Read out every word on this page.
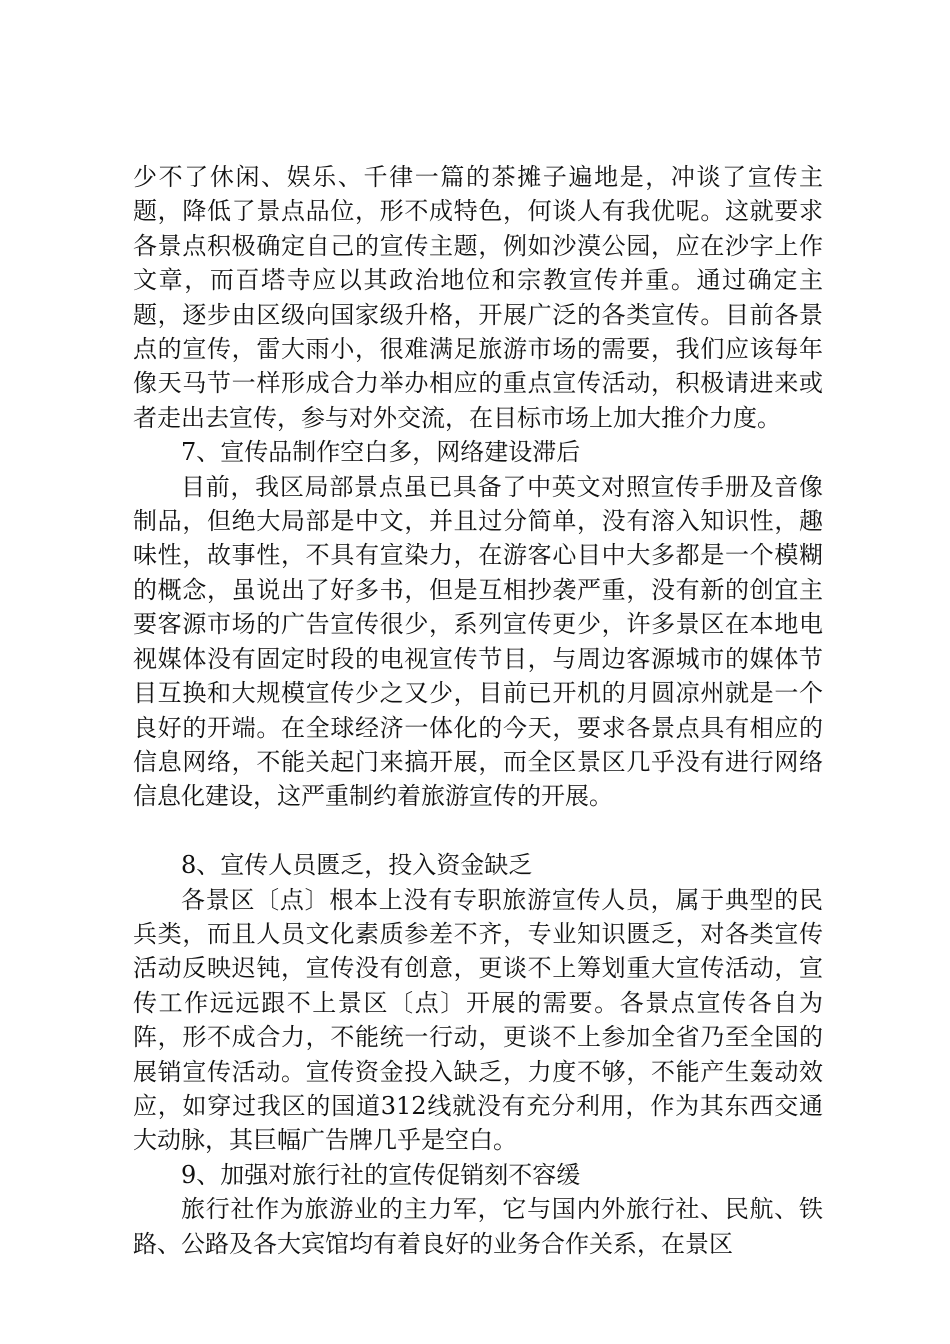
少不了休闲、娱乐、千律一篇的茶摊子遍地是，冲谈了宣传主题，降低了景点品位，形不成特色，何谈人有我优呢。这就要求各景点积极确定自己的宣传主题，例如沙漠公园，应在沙字上作文章，而百塔寺应以其政治地位和宗教宣传并重。通过确定主题，逐步由区级向国家级升格，开展广泛的各类宣传。目前各景点的宣传，雷大雨小，很难满足旅游市场的需要，我们应该每年像天马节一样形成合力举办相应的重点宣传活动，积极请进来或者走出去宣传，参与对外交流，在目标市场上加大推介力度。

7、宣传品制作空白多，网络建设滞后

目前，我区局部景点虽已具备了中英文对照宣传手册及音像制品，但绝大局部是中文，并且过分简单，没有溶入知识性，趣味性，故事性，不具有宣染力，在游客心目中大多都是一个模糊的概念，虽说出了好多书，但是互相抄袭严重，没有新的创宜主要客源市场的广告宣传很少，系列宣传更少，许多景区在本地电视媒体没有固定时段的电视宣传节目，与周边客源城市的媒体节目互换和大规模宣传少之又少，目前已开机的月圆凉州就是一个良好的开端。在全球经济一体化的今天，要求各景点具有相应的信息网络，不能关起门来搞开展，而全区景区几乎没有进行网络信息化建设，这严重制约着旅游宣传的开展。

8、宣传人员匮乏，投入资金缺乏

各景区〔点〕根本上没有专职旅游宣传人员，属于典型的民兵类，而且人员文化素质参差不齐，专业知识匮乏，对各类宣传活动反映迟钝，宣传没有创意，更谈不上筹划重大宣传活动，宣传工作远远跟不上景区〔点〕开展的需要。各景点宣传各自为阵，形不成合力，不能统一行动，更谈不上参加全省乃至全国的展销宣传活动。宣传资金投入缺乏，力度不够，不能产生轰动效应，如穿过我区的国道312线就没有充分利用，作为其东西交通大动脉，其巨幅广告牌几乎是空白。

9、加强对旅行社的宣传促销刻不容缓

旅行社作为旅游业的主力军，它与国内外旅行社、民航、铁路、公路及各大宾馆均有着良好的业务合作关系，在景区
